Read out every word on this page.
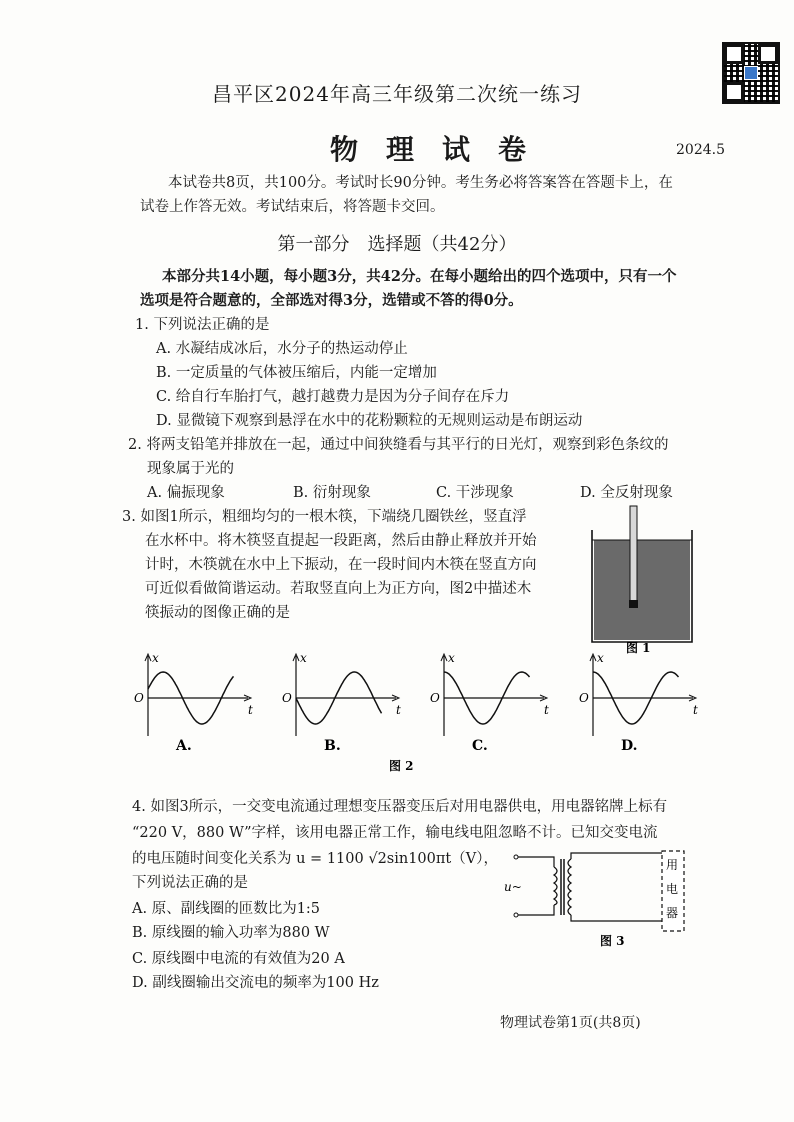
昌平区2024年高三年级第二次统一练习
物理试卷	2024.5
本试卷共8页，共100分。考试时长90分钟。考生务必将答案答在答题卡上，在
试卷上作答无效。考试结束后，将答题卡交回。
第一部分　选择题（共42分）
本部分共14小题，每小题3分，共42分。在每小题给出的四个选项中，只有一个
选项是符合题意的，全部选对得3分，选错或不答的得0分。
1. 下列说法正确的是
A. 水凝结成冰后，水分子的热运动停止
B. 一定质量的气体被压缩后，内能一定增加
C. 给自行车胎打气，越打越费力是因为分子间存在斥力
D. 显微镜下观察到悬浮在水中的花粉颗粒的无规则运动是布朗运动
2. 将两支铅笔并排放在一起，通过中间狭缝看与其平行的日光灯，观察到彩色条纹的
现象属于光的
A. 偏振现象	B. 衍射现象	C. 干涉现象	D. 全反射现象
3. 如图1所示，粗细均匀的一根木筷，下端绕几圈铁丝，竖直浮
在水杯中。将木筷竖直提起一段距离，然后由静止释放并开始
计时，木筷就在水中上下振动，在一段时间内木筷在竖直方向
可近似看做简谐运动。若取竖直向上为正方向，图2中描述木
筷振动的图像正确的是
图 1
x
t
O
A.
x
t
O
B.
x
t
O
C.
x
t
O
D.
图 2
4. 如图3所示，一交变电流通过理想变压器变压后对用电器供电，用电器铭牌上标有
“220 V，880 W”字样，该用电器正常工作，输电线电阻忽略不计。已知交变电流
的电压随时间变化关系为 u = 1100 √2sin100πt（V），
下列说法正确的是
A. 原、副线圈的匝数比为1:5
B. 原线圈的输入功率为880 W
C. 原线圈中电流的有效值为20 A
D. 副线圈输出交流电的频率为100 Hz
u~
用
电
器
图 3
物理试卷第1页(共8页)
